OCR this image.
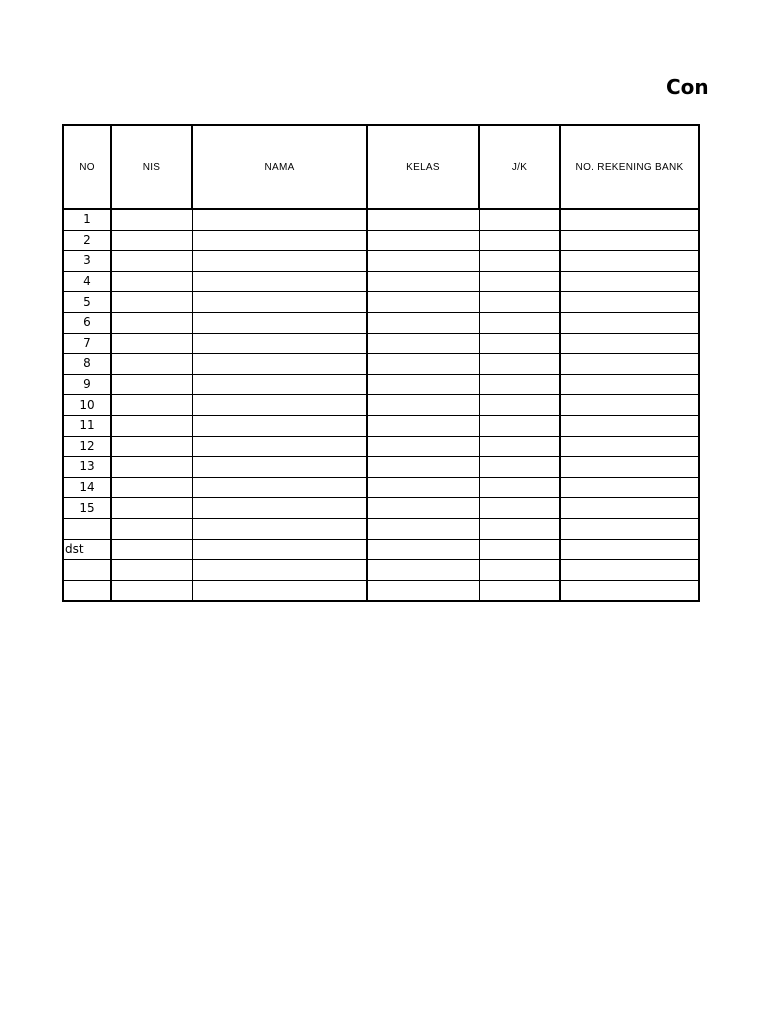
Con
NO	NIS	NAMA	KELAS	J/K	NO. REKENING BANK
1					
2					
3					
4					
5					
6					
7					
8					
9					
10					
11					
12					
13					
14					
15					

dst					
